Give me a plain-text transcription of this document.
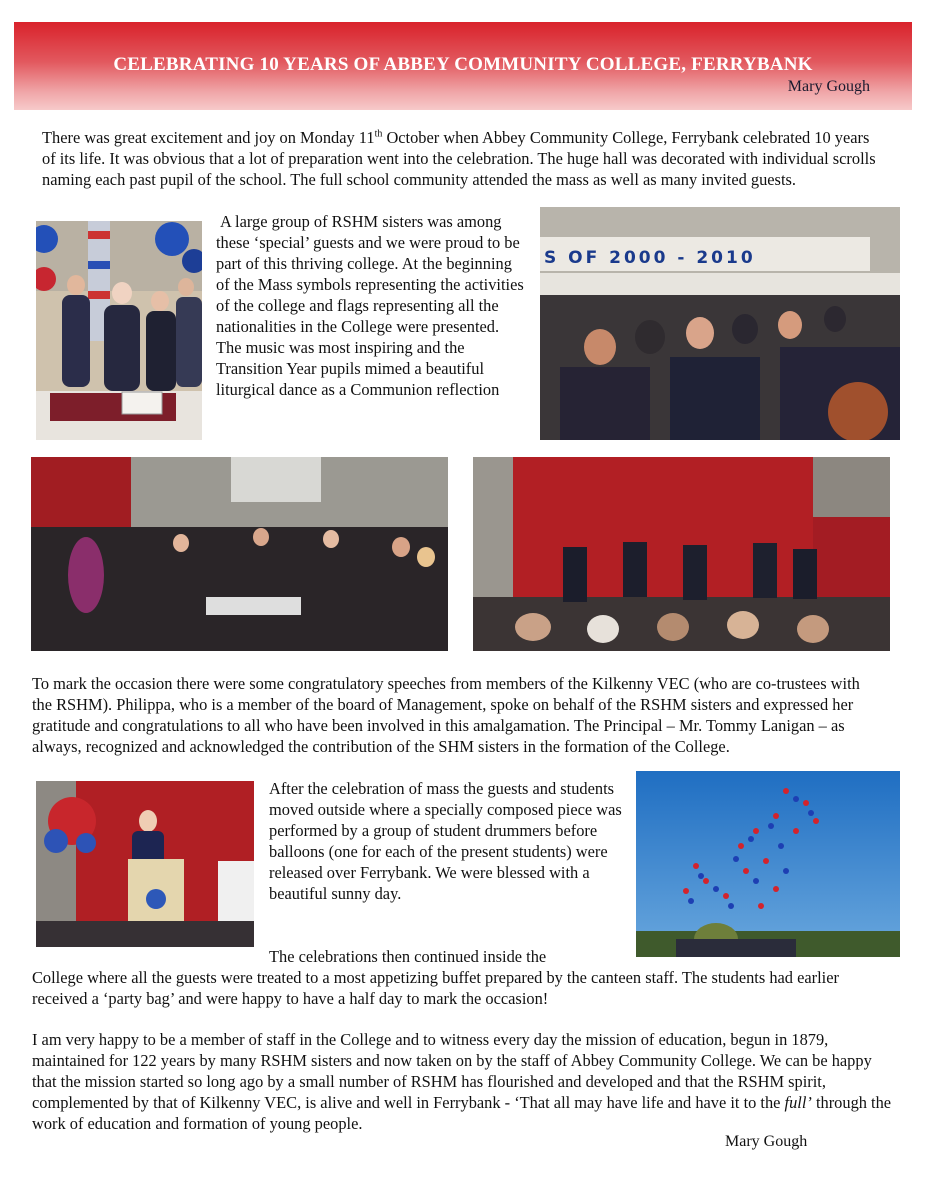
CELEBRATING 10 YEARS OF ABBEY COMMUNITY COLLEGE, FERRYBANK
Mary Gough

There was great excitement and joy on Monday 11th October when Abbey Community College, Ferrybank celebrated 10 years of its life. It was obvious that a lot of preparation went into the celebration. The huge hall was decorated with individual scrolls naming each past pupil of the school. The full school community attended the mass as well as many invited guests.

A large group of RSHM sisters was among these ‘special’ guests and we were proud to be part of this thriving college. At the beginning of the Mass symbols representing the activities of the college and flags representing all the nationalities in the College were presented. The music was most inspiring and the Transition Year pupils mimed a beautiful liturgical dance as a Communion reflection

S OF 2000 - 2010

To mark the occasion there were some congratulatory speeches from members of the Kilkenny VEC (who are co-trustees with the RSHM). Philippa, who is a member of the board of Management, spoke on behalf of the RSHM sisters and expressed her gratitude and congratulations to all who have been involved in this amalgamation. The Principal – Mr. Tommy Lanigan – as always, recognized and acknowledged the contribution of the SHM sisters in the formation of the College.

After the celebration of mass the guests and students moved outside where a specially composed piece was performed by a group of student drummers before balloons (one for each of the present students) were released over Ferrybank. We were blessed with a beautiful sunny day.

The celebrations then continued inside the

College where all the guests were treated to a most appetizing buffet prepared by the canteen staff. The students had earlier received a ‘party bag’ and were happy to have a half day to mark the occasion!

I am very happy to be a member of staff in the College and to witness every day the mission of education, begun in 1879, maintained for 122 years by many RSHM sisters and now taken on by the staff of Abbey Community College. We can be happy that the mission started so long ago by a small number of RSHM has flourished and developed and that the RSHM spirit, complemented by that of Kilkenny VEC, is alive and well in Ferrybank - ‘That all may have life and have it to the full’ through the work of education and formation of young people.

Mary Gough
